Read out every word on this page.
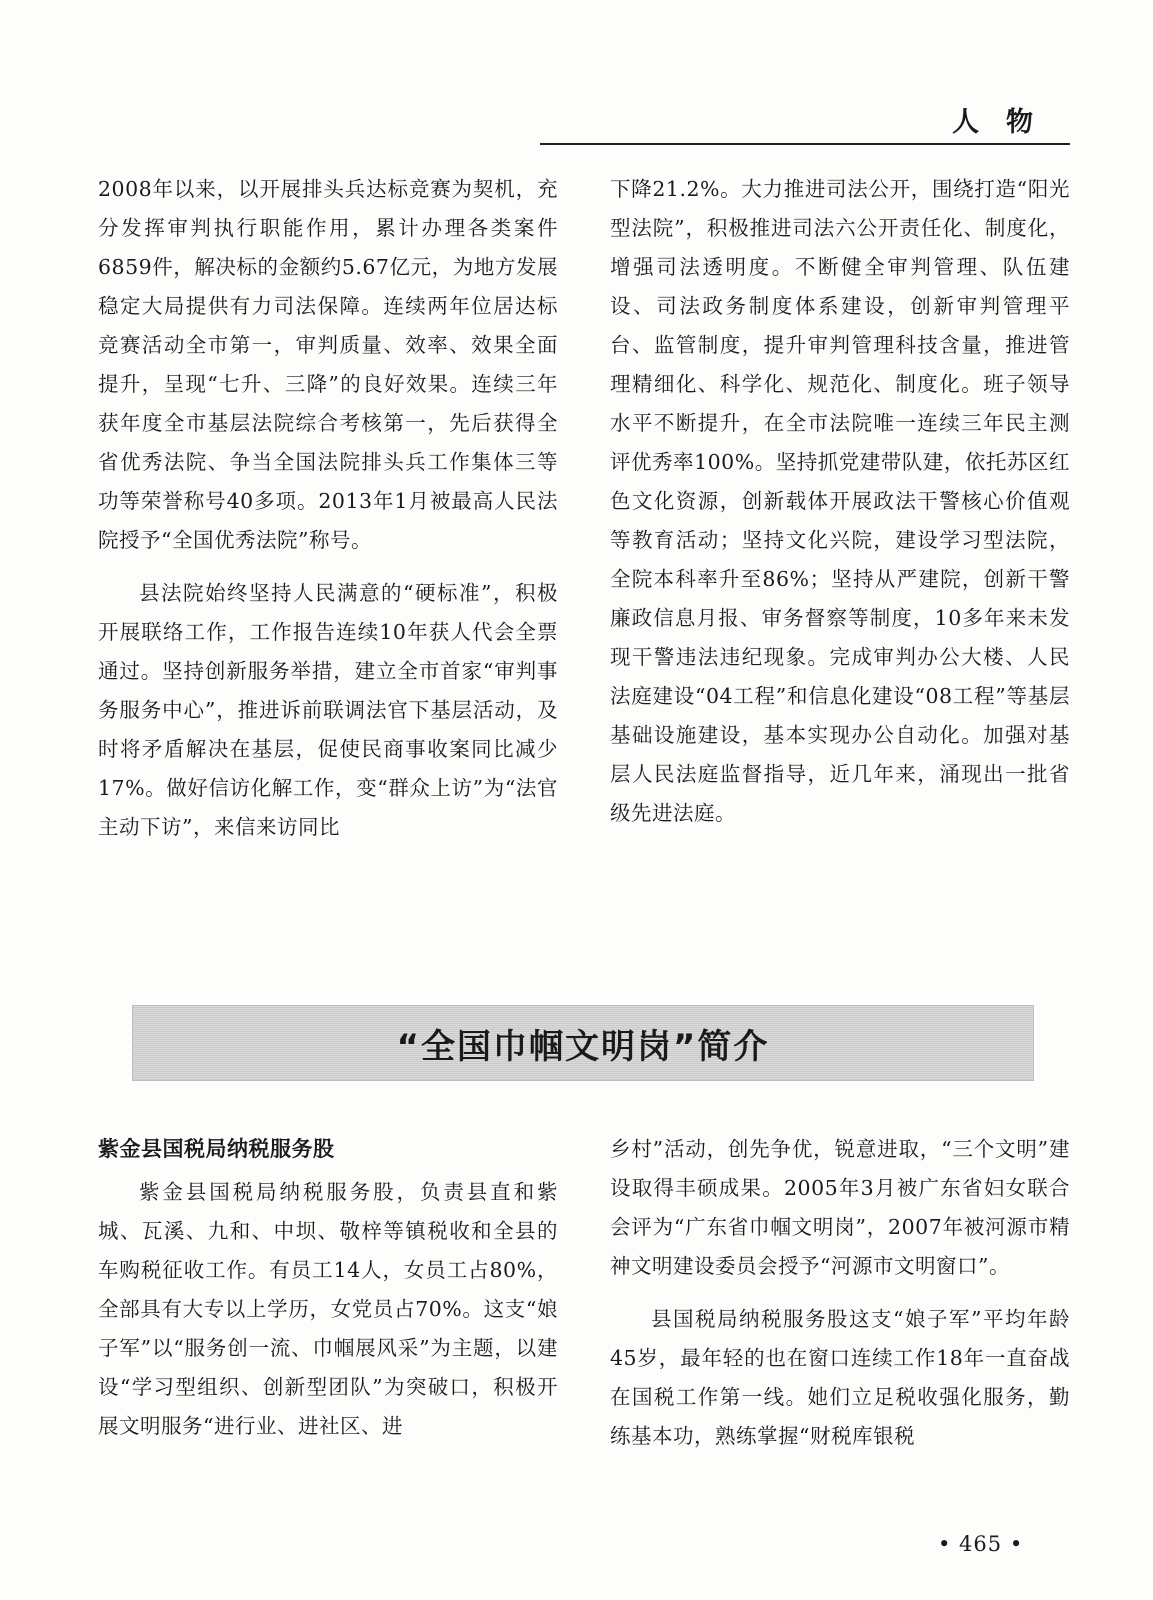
人　物

2008年以来，以开展排头兵达标竞赛为契机，充分发挥审判执行职能作用，累计办理各类案件6859件，解决标的金额约5.67亿元，为地方发展稳定大局提供有力司法保障。连续两年位居达标竞赛活动全市第一，审判质量、效率、效果全面提升，呈现“七升、三降”的良好效果。连续三年获年度全市基层法院综合考核第一，先后获得全省优秀法院、争当全国法院排头兵工作集体三等功等荣誉称号40多项。2013年1月被最高人民法院授予“全国优秀法院”称号。

县法院始终坚持人民满意的“硬标准”，积极开展联络工作，工作报告连续10年获人代会全票通过。坚持创新服务举措，建立全市首家“审判事务服务中心”，推进诉前联调法官下基层活动，及时将矛盾解决在基层，促使民商事收案同比减少17%。做好信访化解工作，变“群众上访”为“法官主动下访”，来信来访同比

下降21.2%。大力推进司法公开，围绕打造“阳光型法院”，积极推进司法六公开责任化、制度化，增强司法透明度。不断健全审判管理、队伍建设、司法政务制度体系建设，创新审判管理平台、监管制度，提升审判管理科技含量，推进管理精细化、科学化、规范化、制度化。班子领导水平不断提升，在全市法院唯一连续三年民主测评优秀率100%。坚持抓党建带队建，依托苏区红色文化资源，创新载体开展政法干警核心价值观等教育活动；坚持文化兴院，建设学习型法院，全院本科率升至86%；坚持从严建院，创新干警廉政信息月报、审务督察等制度，10多年来未发现干警违法违纪现象。完成审判办公大楼、人民法庭建设“04工程”和信息化建设“08工程”等基层基础设施建设，基本实现办公自动化。加强对基层人民法庭监督指导，近几年来，涌现出一批省级先进法庭。

“全国巾帼文明岗”简介

紫金县国税局纳税服务股

紫金县国税局纳税服务股，负责县直和紫城、瓦溪、九和、中坝、敬梓等镇税收和全县的车购税征收工作。有员工14人，女员工占80%，全部具有大专以上学历，女党员占70%。这支“娘子军”以“服务创一流、巾帼展风采”为主题，以建设“学习型组织、创新型团队”为突破口，积极开展文明服务“进行业、进社区、进

乡村”活动，创先争优，锐意进取，“三个文明”建设取得丰硕成果。2005年3月被广东省妇女联合会评为“广东省巾帼文明岗”，2007年被河源市精神文明建设委员会授予“河源市文明窗口”。

县国税局纳税服务股这支“娘子军”平均年龄45岁，最年轻的也在窗口连续工作18年一直奋战在国税工作第一线。她们立足税收强化服务，勤练基本功，熟练掌握“财税库银税

• 465 •
